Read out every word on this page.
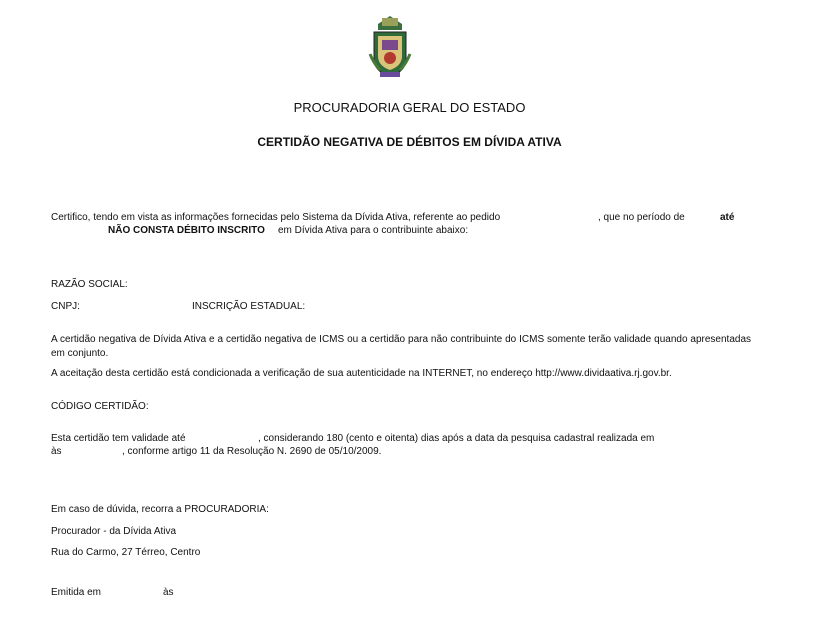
PROCURADORIA GERAL DO ESTADO
CERTIDÃO NEGATIVA DE DÉBITOS EM DÍVIDA ATIVA
Certifico, tendo em vista as informações fornecidas pelo Sistema da Dívida Ativa, referente ao pedido	, que no período de	até
NÃO CONSTA DÉBITO INSCRITO em Dívida Ativa para o contribuinte abaixo:
RAZÃO SOCIAL:
CNPJ:	INSCRIÇÃO ESTADUAL:
A certidão negativa de Dívida Ativa e a certidão negativa de ICMS ou a certidão para não contribuinte do ICMS somente terão validade quando apresentadas em conjunto.
A aceitação desta certidão está condicionada a verificação de sua autenticidade na INTERNET, no endereço http://www.dividaativa.rj.gov.br.
CÓDIGO CERTIDÃO:
Esta certidão tem validade até	, considerando 180 (cento e oitenta) dias após a data da pesquisa cadastral realizada em
às	, conforme artigo 11 da Resolução N. 2690 de 05/10/2009.
Em caso de dúvida, recorra a PROCURADORIA:
Procurador - da Dívida Ativa
Rua do Carmo, 27 Térreo, Centro
Emitida em	às
